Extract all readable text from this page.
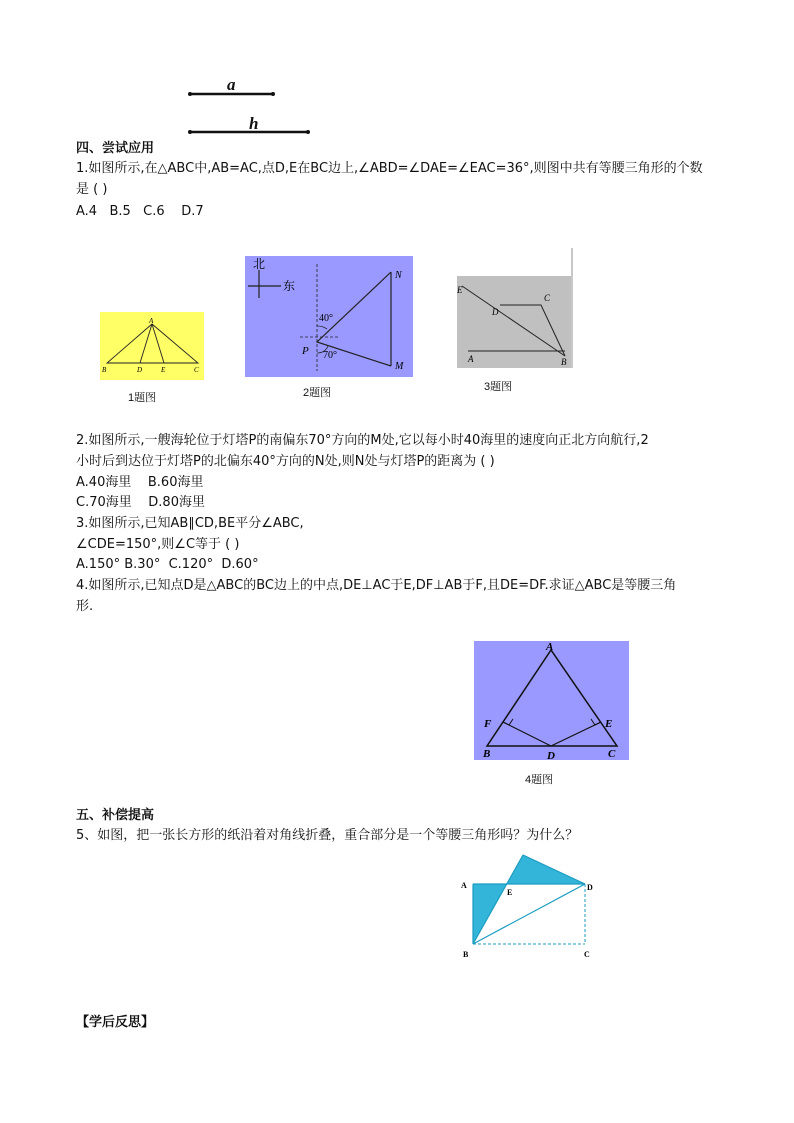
a
h
四、尝试应用
1.如图所示,在△ABC中,AB=AC,点D,E在BC边上,∠ABD=∠DAE=∠EAC=36°,则图中共有等腰三角形的个数
是 ( )
A.4   B.5   C.6    D.7
A
B	D	E	C
1题图
北
东
40°
70°
P
N
M
2题图
E
D
C
A	B
3题图
2.如图所示,一艘海轮位于灯塔P的南偏东70°方向的M处,它以每小时40海里的速度向正北方向航行,2
小时后到达位于灯塔P的北偏东40°方向的N处,则N处与灯塔P的距离为 ( )
A.40海里    B.60海里
C.70海里    D.80海里
3.如图所示,已知AB∥CD,BE平分∠ABC,
∠CDE=150°,则∠C等于 ( )
A.150° B.30°  C.120°  D.60°
4.如图所示,已知点D是△ABC的BC边上的中点,DE⊥AC于E,DF⊥AB于F,且DE=DF.求证△ABC是等腰三角
形.
A
B	C
D
E
F
4题图
五、补偿提高
5、如图，把一张长方形的纸沿着对角线折叠，重合部分是一个等腰三角形吗？为什么？
A
B	C
D
E
【学后反思】
